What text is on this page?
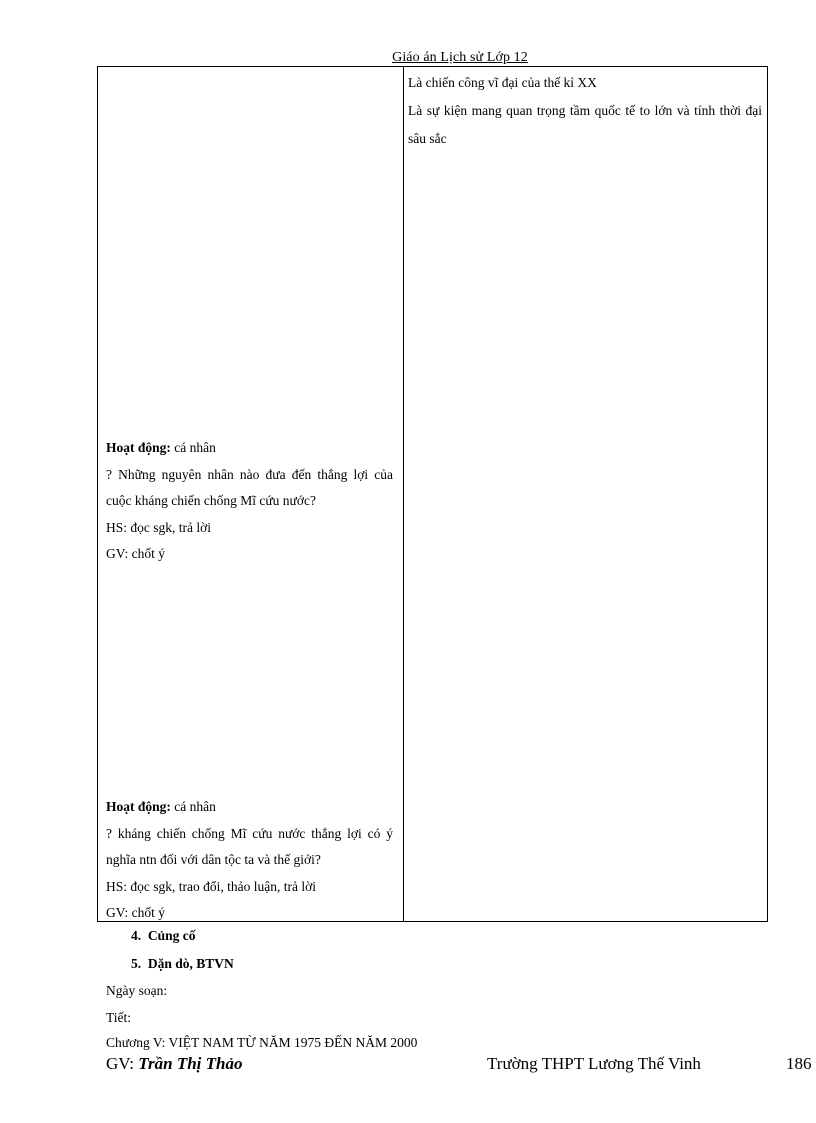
Giáo án Lịch sử Lớp 12

Là chiến công vĩ đại của thế kỉ XX

Là sự kiện mang quan trọng tầm quốc tế to lớn và tính thời đại sâu sắc

Hoạt động: cá nhân

? Những nguyên nhân nào đưa đến thắng lợi của cuộc kháng chiến chống Mĩ cứu nước?

HS: đọc sgk, trả lời

GV: chốt ý

Hoạt động: cá nhân

? kháng chiến chống Mĩ cứu nước thắng lợi có ý nghĩa ntn đối với dân tộc ta và thế giới?

HS: đọc sgk, trao đổi, thảo luận, trả lời

GV: chốt ý

4. Củng cố
5. Dặn dò, BTVN
Ngày soạn:
Tiết:
Chương V: VIỆT NAM TỪ NĂM 1975 ĐẾN NĂM 2000
GV: Trần Thị Thảo	Trường THPT Lương Thế Vinh	186
